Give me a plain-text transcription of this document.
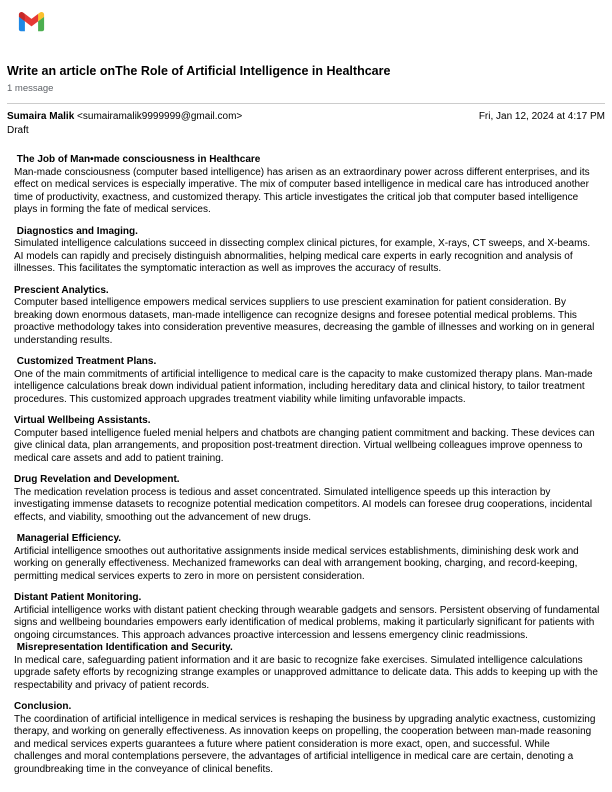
Write an article onThe Role of Artificial Intelligence in Healthcare
1 message
Sumaira Malik <sumairamalik9999999@gmail.com>	Fri, Jan 12, 2024 at 4:17 PM
Draft
The Job of Man•made consciousness in Healthcare

Man-made consciousness (computer based intelligence) has arisen as an extraordinary power across different enterprises, and its effect on medical services is especially imperative. The mix of computer based intelligence in medical care has introduced another time of productivity, exactness, and customized therapy. This article investigates the critical job that computer based intelligence plays in forming the fate of medical services.

Diagnostics and Imaging.

Simulated intelligence calculations succeed in dissecting complex clinical pictures, for example, X-rays, CT sweeps, and X-beams. AI models can rapidly and precisely distinguish abnormalities, helping medical care experts in early recognition and analysis of illnesses. This facilitates the symptomatic interaction as well as improves the accuracy of results.

Prescient Analytics.

Computer based intelligence empowers medical services suppliers to use prescient examination for patient consideration. By breaking down enormous datasets, man-made intelligence can recognize designs and foresee potential medical problems. This proactive methodology takes into consideration preventive measures, decreasing the gamble of illnesses and working on in general understanding results.

Customized Treatment Plans.

One of the main commitments of artificial intelligence to medical care is the capacity to make customized therapy plans. Man-made intelligence calculations break down individual patient information, including hereditary data and clinical history, to tailor treatment procedures. This customized approach upgrades treatment viability while limiting unfavorable impacts.

Virtual Wellbeing Assistants.

Computer based intelligence fueled menial helpers and chatbots are changing patient commitment and backing. These devices can give clinical data, plan arrangements, and proposition post-treatment direction. Virtual wellbeing colleagues improve openness to medical care assets and add to patient training.

Drug Revelation and Development.

The medication revelation process is tedious and asset concentrated. Simulated intelligence speeds up this interaction by investigating immense datasets to recognize potential medication competitors. AI models can foresee drug cooperations, incidental effects, and viability, smoothing out the advancement of new drugs.

Managerial Efficiency.

Artificial intelligence smoothes out authoritative assignments inside medical services establishments, diminishing desk work and working on generally effectiveness. Mechanized frameworks can deal with arrangement booking, charging, and record-keeping, permitting medical services experts to zero in more on persistent consideration.

Distant Patient Monitoring.

Artificial intelligence works with distant patient checking through wearable gadgets and sensors. Persistent observing of fundamental signs and wellbeing boundaries empowers early identification of medical problems, making it particularly significant for patients with ongoing circumstances. This approach advances proactive intercession and lessens emergency clinic readmissions.

Misrepresentation Identification and Security.

In medical care, safeguarding patient information and it are basic to recognize fake exercises. Simulated intelligence calculations upgrade safety efforts by recognizing strange examples or unapproved admittance to delicate data. This adds to keeping up with the respectability and privacy of patient records.

Conclusion.

The coordination of artificial intelligence in medical services is reshaping the business by upgrading analytic exactness, customizing therapy, and working on generally effectiveness. As innovation keeps on propelling, the cooperation between man-made reasoning and medical services experts guarantees a future where patient consideration is more exact, open, and successful. While challenges and moral contemplations persevere, the advantages of artificial intelligence in medical care are certain, denoting a groundbreaking time in the conveyance of clinical benefits.
